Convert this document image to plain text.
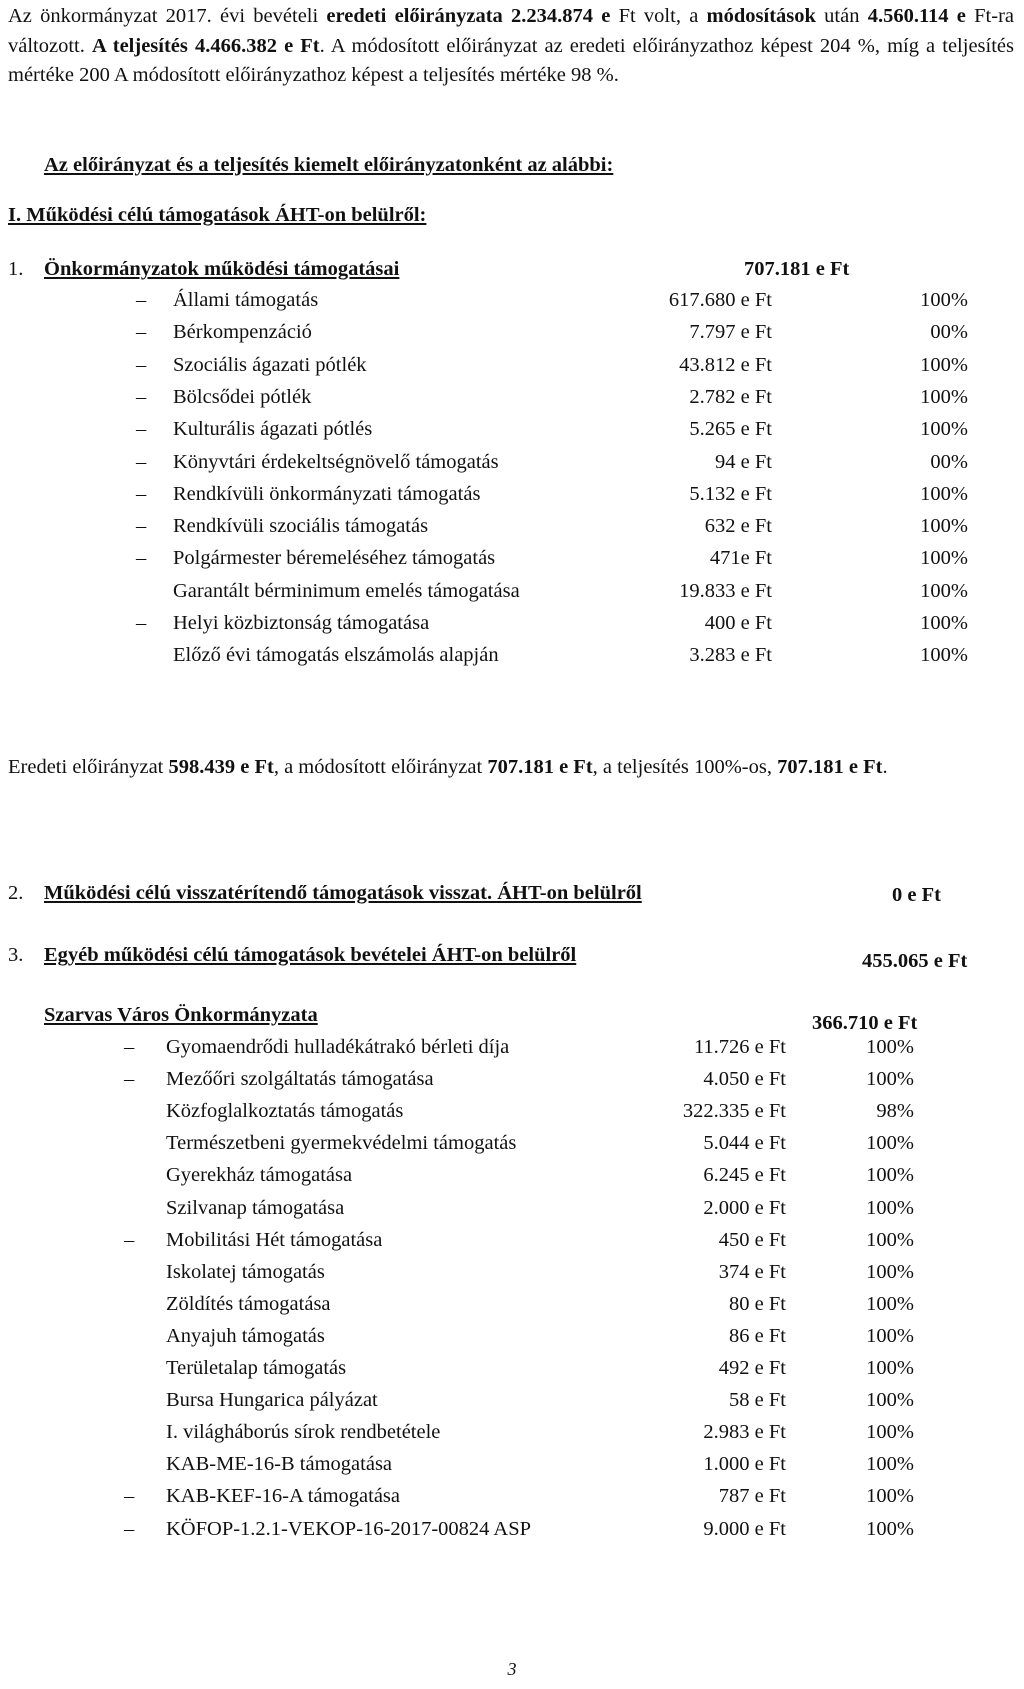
Az önkormányzat 2017. évi bevételi eredeti előirányzata 2.234.874 e Ft volt, a módosítások után 4.560.114 e Ft-ra változott. A teljesítés 4.466.382 e Ft. A módosított előirányzat az eredeti előirányzathoz képest 204 %, míg a teljesítés mértéke 200 A módosított előirányzathoz képest a teljesítés mértéke 98 %.

Az előirányzat és a teljesítés kiemelt előirányzatonként az alábbi:
I. Működési célú támogatások ÁHT-on belülről:
1. Önkormányzatok működési támogatásai	707.181 e Ft
– Állami támogatás	617.680 e Ft	100%
– Bérkompenzáció	7.797 e Ft	00%
– Szociális ágazati pótlék	43.812 e Ft	100%
– Bölcsődei pótlék	2.782 e Ft	100%
– Kulturális ágazati pótlés	5.265 e Ft	100%
– Könyvtári érdekeltségnövelő támogatás	94 e Ft	00%
– Rendkívüli önkormányzati támogatás	5.132 e Ft	100%
– Rendkívüli szociális támogatás	632 e Ft	100%
– Polgármester béremeléséhez támogatás	471e Ft	100%
Garantált bérminimum emelés támogatása	19.833 e Ft	100%
– Helyi közbiztonság támogatása	400 e Ft	100%
Előző évi támogatás elszámolás alapján	3.283 e Ft	100%

Eredeti előirányzat 598.439 e Ft, a módosított előirányzat 707.181 e Ft, a teljesítés 100%-os, 707.181 e Ft.

2. Működési célú visszatérítendő támogatások visszat. ÁHT-on belülről	0 e Ft
3. Egyéb működési célú támogatások bevételei ÁHT-on belülről	455.065 e Ft
Szarvas Város Önkormányzata	366.710 e Ft
– Gyomaendrődi hulladékátrakó bérleti díja	11.726 e Ft	100%
– Mezőőri szolgáltatás támogatása	4.050 e Ft	100%
Közfoglalkoztatás támogatás	322.335 e Ft	98%
Természetbeni gyermekvédelmi támogatás	5.044 e Ft	100%
Gyerekház támogatása	6.245 e Ft	100%
Szilvanap támogatása	2.000 e Ft	100%
– Mobilitási Hét támogatása	450 e Ft	100%
Iskolatej támogatás	374 e Ft	100%
Zöldítés támogatása	80 e Ft	100%
Anyajuh támogatás	86 e Ft	100%
Területalap támogatás	492 e Ft	100%
Bursa Hungarica pályázat	58 e Ft	100%
I. világháborús sírok rendbetétele	2.983 e Ft	100%
KAB-ME-16-B támogatása	1.000 e Ft	100%
– KAB-KEF-16-A támogatása	787 e Ft	100%
– KÖFOP-1.2.1-VEKOP-16-2017-00824 ASP	9.000 e Ft	100%
3
